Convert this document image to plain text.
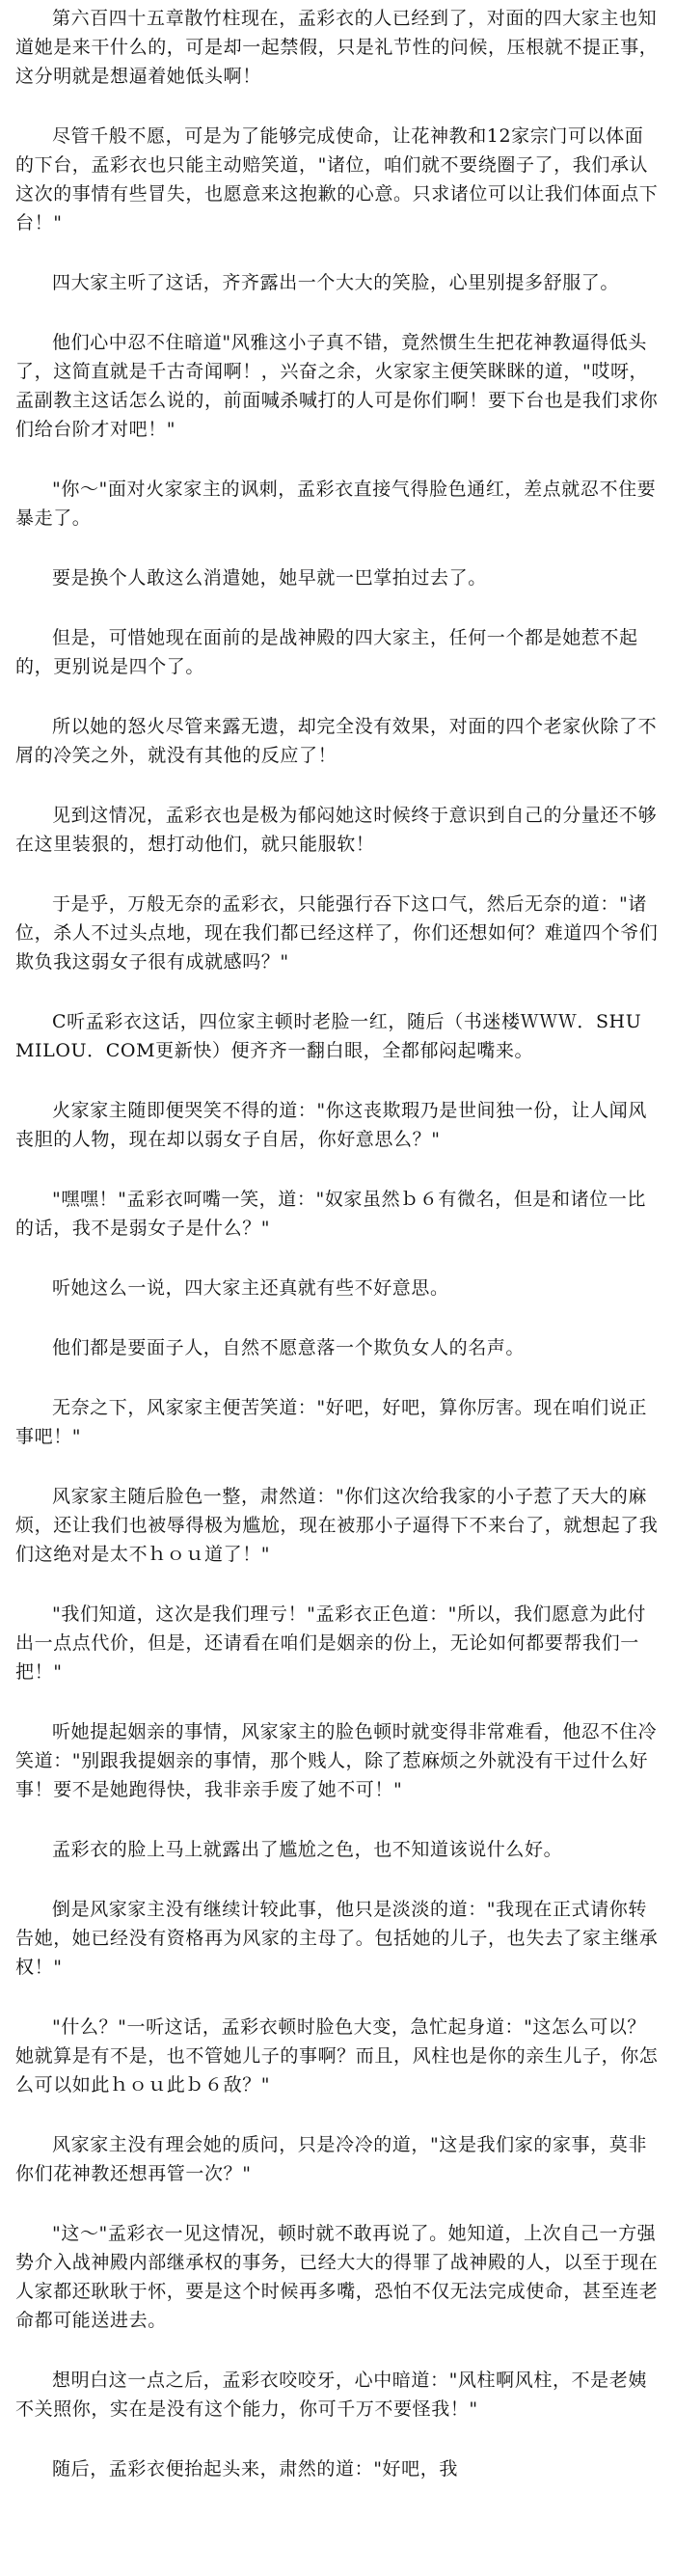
第六百四十五章散竹柱现在，孟彩衣的人已经到了，对面的四大家主也知道她是来干什么的，可是却一起禁假，只是礼节性的问候，压根就不提正事，这分明就是想逼着她低头啊！

尽管千般不愿，可是为了能够完成使命，让花神教和12家宗门可以体面的下台，孟彩衣也只能主动赔笑道，"诸位，咱们就不要绕圈子了，我们承认这次的事情有些冒失，也愿意来这抱歉的心意。只求诸位可以让我们体面点下台！"

四大家主听了这话，齐齐露出一个大大的笑脸，心里别提多舒服了。

他们心中忍不住暗道"风雅这小子真不错，竟然惯生生把花神教逼得低头了，这简直就是千古奇闻啊！，兴奋之余，火家家主便笑眯眯的道，"哎呀，孟副教主这话怎么说的，前面喊杀喊打的人可是你们啊！要下台也是我们求你们给台阶才对吧！"

"你～"面对火家家主的讽刺，孟彩衣直接气得脸色通红，差点就忍不住要暴走了。

要是换个人敢这么消遣她，她早就一巴掌拍过去了。

但是，可惜她现在面前的是战神殿的四大家主，任何一个都是她惹不起的，更别说是四个了。

所以她的怒火尽管来露无遗，却完全没有效果，对面的四个老家伙除了不屑的冷笑之外，就没有其他的反应了！

见到这情况，孟彩衣也是极为郁闷她这时候终于意识到自己的分量还不够在这里装狠的，想打动他们，就只能服软！

于是乎，万般无奈的孟彩衣，只能强行吞下这口气，然后无奈的道："诸位，杀人不过头点地，现在我们都已经这样了，你们还想如何？难道四个爷们欺负我这弱女子很有成就感吗？"

C听孟彩衣这话，四位家主顿时老脸一红，随后（书迷楼ＷＷＷ．SHUMILOU．COM更新快）便齐齐一翻白眼，全都郁闷起嘴来。

火家家主随即便哭笑不得的道："你这丧欺瑕乃是世间独一份，让人闻风丧胆的人物，现在却以弱女子自居，你好意思么？"

"嘿嘿！"孟彩衣呵嘴一笑，道："奴家虽然ｂ６有微名，但是和诸位一比的话，我不是弱女子是什么？"

听她这么一说，四大家主还真就有些不好意思。

他们都是要面子人，自然不愿意落一个欺负女人的名声。

无奈之下，风家家主便苦笑道："好吧，好吧，算你厉害。现在咱们说正事吧！"

风家家主随后脸色一整，肃然道："你们这次给我家的小子惹了天大的麻烦，还让我们也被辱得极为尴尬，现在被那小子逼得下不来台了，就想起了我们这绝对是太不ｈｏｕ道了！"

"我们知道，这次是我们理亏！"孟彩衣正色道："所以，我们愿意为此付出一点点代价，但是，还请看在咱们是姻亲的份上，无论如何都要帮我们一把！"

听她提起姻亲的事情，风家家主的脸色顿时就变得非常难看，他忍不住冷笑道："别跟我提姻亲的事情，那个贱人，除了惹麻烦之外就没有干过什么好事！要不是她跑得快，我非亲手废了她不可！"

孟彩衣的脸上马上就露出了尴尬之色，也不知道该说什么好。

倒是风家家主没有继续计较此事，他只是淡淡的道："我现在正式请你转告她，她已经没有资格再为风家的主母了。包括她的儿子，也失去了家主继承权！"

"什么？"一听这话，孟彩衣顿时脸色大变，急忙起身道："这怎么可以？她就算是有不是，也不管她儿子的事啊？而且，风柱也是你的亲生儿子，你怎么可以如此ｈｏｕ此ｂ６敌？"

风家家主没有理会她的质问，只是冷冷的道，"这是我们家的家事，莫非你们花神教还想再管一次？"

"这～"孟彩衣一见这情况，顿时就不敢再说了。她知道，上次自己一方强势介入战神殿内部继承权的事务，已经大大的得罪了战神殿的人，以至于现在人家都还耿耿于怀，要是这个时候再多嘴，恐怕不仅无法完成使命，甚至连老命都可能送进去。

想明白这一点之后，孟彩衣咬咬牙，心中暗道："风柱啊风柱，不是老姨不关照你，实在是没有这个能力，你可千万不要怪我！"

随后，孟彩衣便抬起头来，肃然的道："好吧，我
